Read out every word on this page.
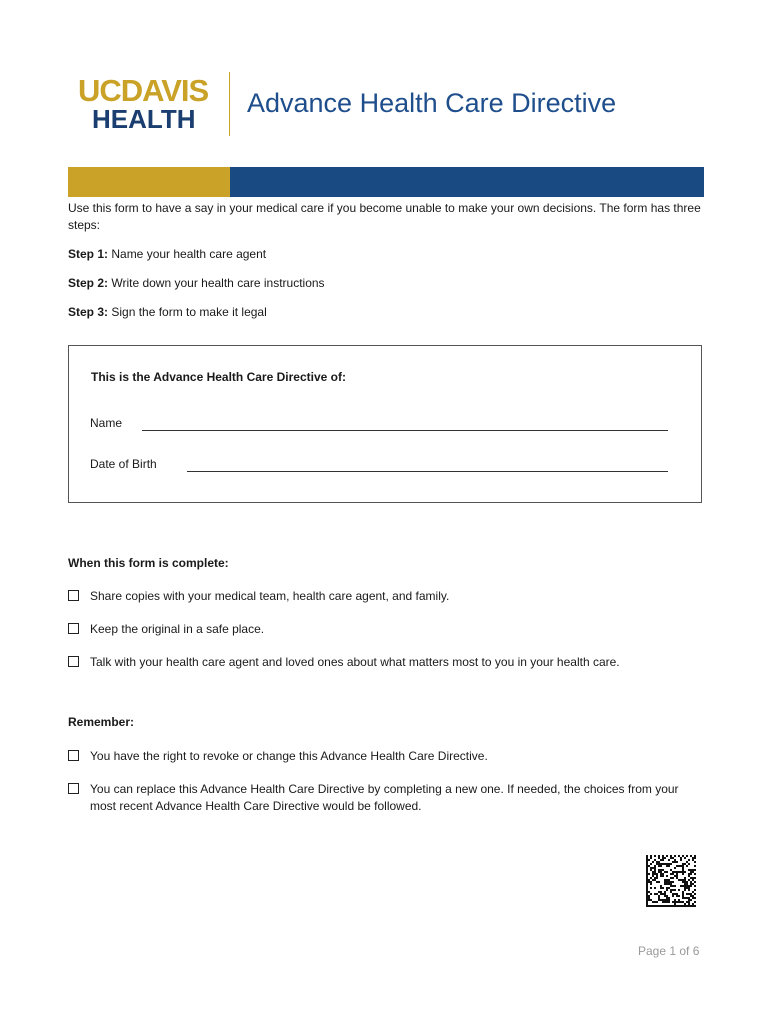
UCDAVIS
HEALTH
Advance Health Care Directive
Use this form to have a say in your medical care if you become unable to make your own decisions. The form has three steps:
Step 1: Name your health care agent
Step 2: Write down your health care instructions
Step 3: Sign the form to make it legal
This is the Advance Health Care Directive of:
Name
Date of Birth
When this form is complete:
Share copies with your medical team, health care agent, and family.
Keep the original in a safe place.
Talk with your health care agent and loved ones about what matters most to you in your health care.
Remember:
You have the right to revoke or change this Advance Health Care Directive.
You can replace this Advance Health Care Directive by completing a new one. If needed, the choices from your most recent Advance Health Care Directive would be followed.
Page 1 of 6
